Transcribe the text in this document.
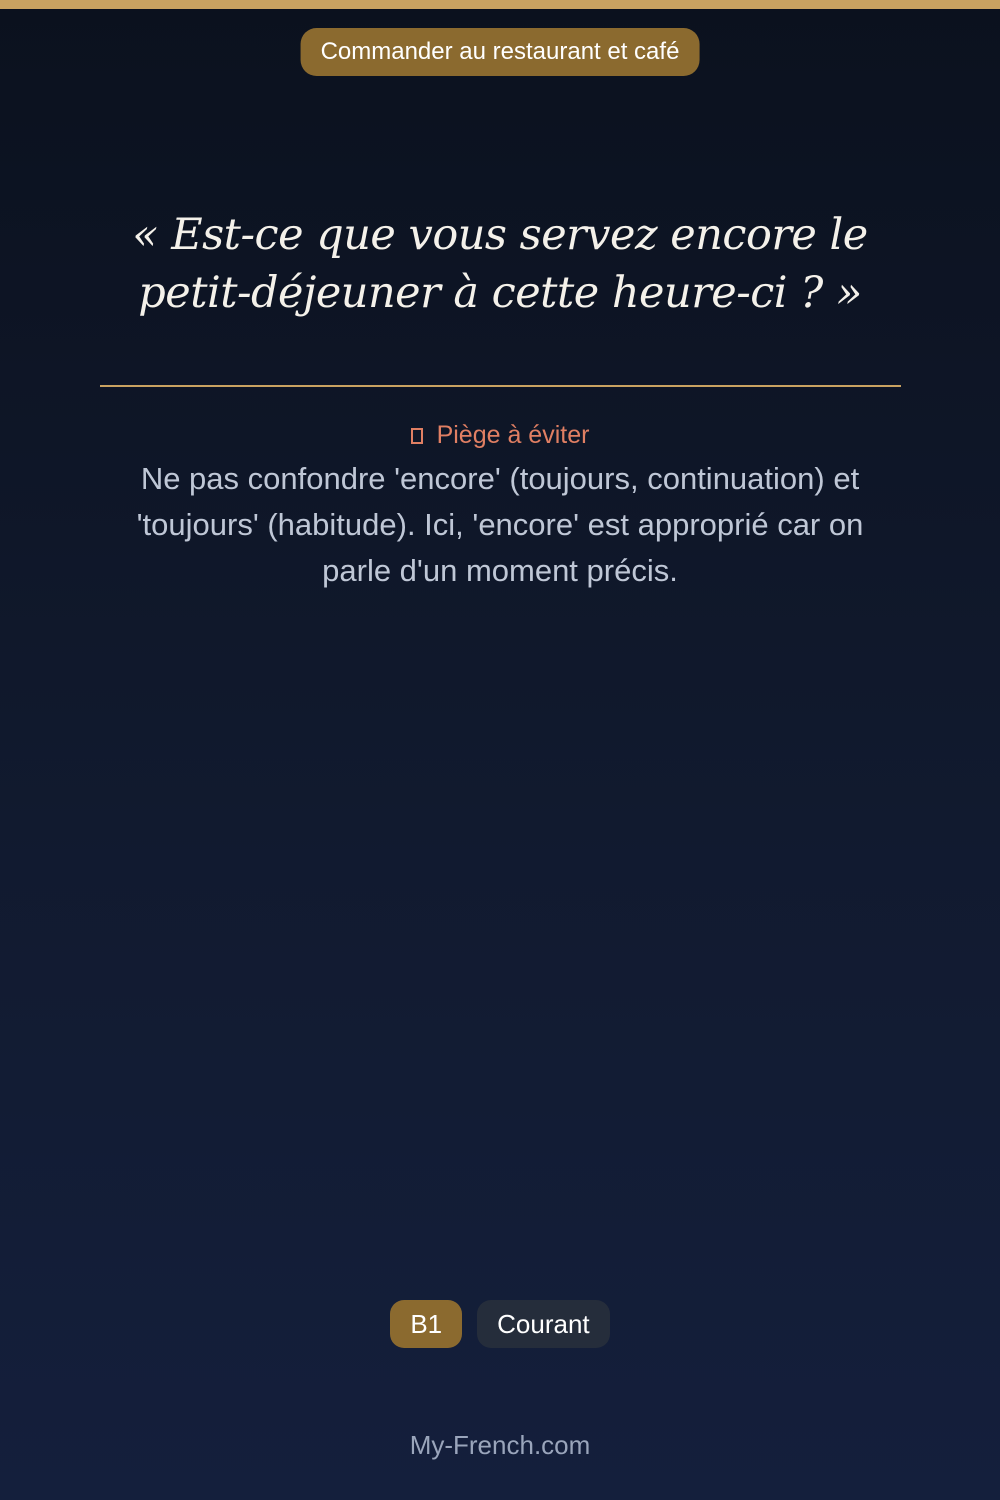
Commander au restaurant et café
« Est-ce que vous servez encore le petit-déjeuner à cette heure-ci ? »
Piège à éviter

Ne pas confondre 'encore' (toujours, continuation) et 'toujours' (habitude). Ici, 'encore' est approprié car on parle d'un moment précis.

B1	Courant
My-French.com
